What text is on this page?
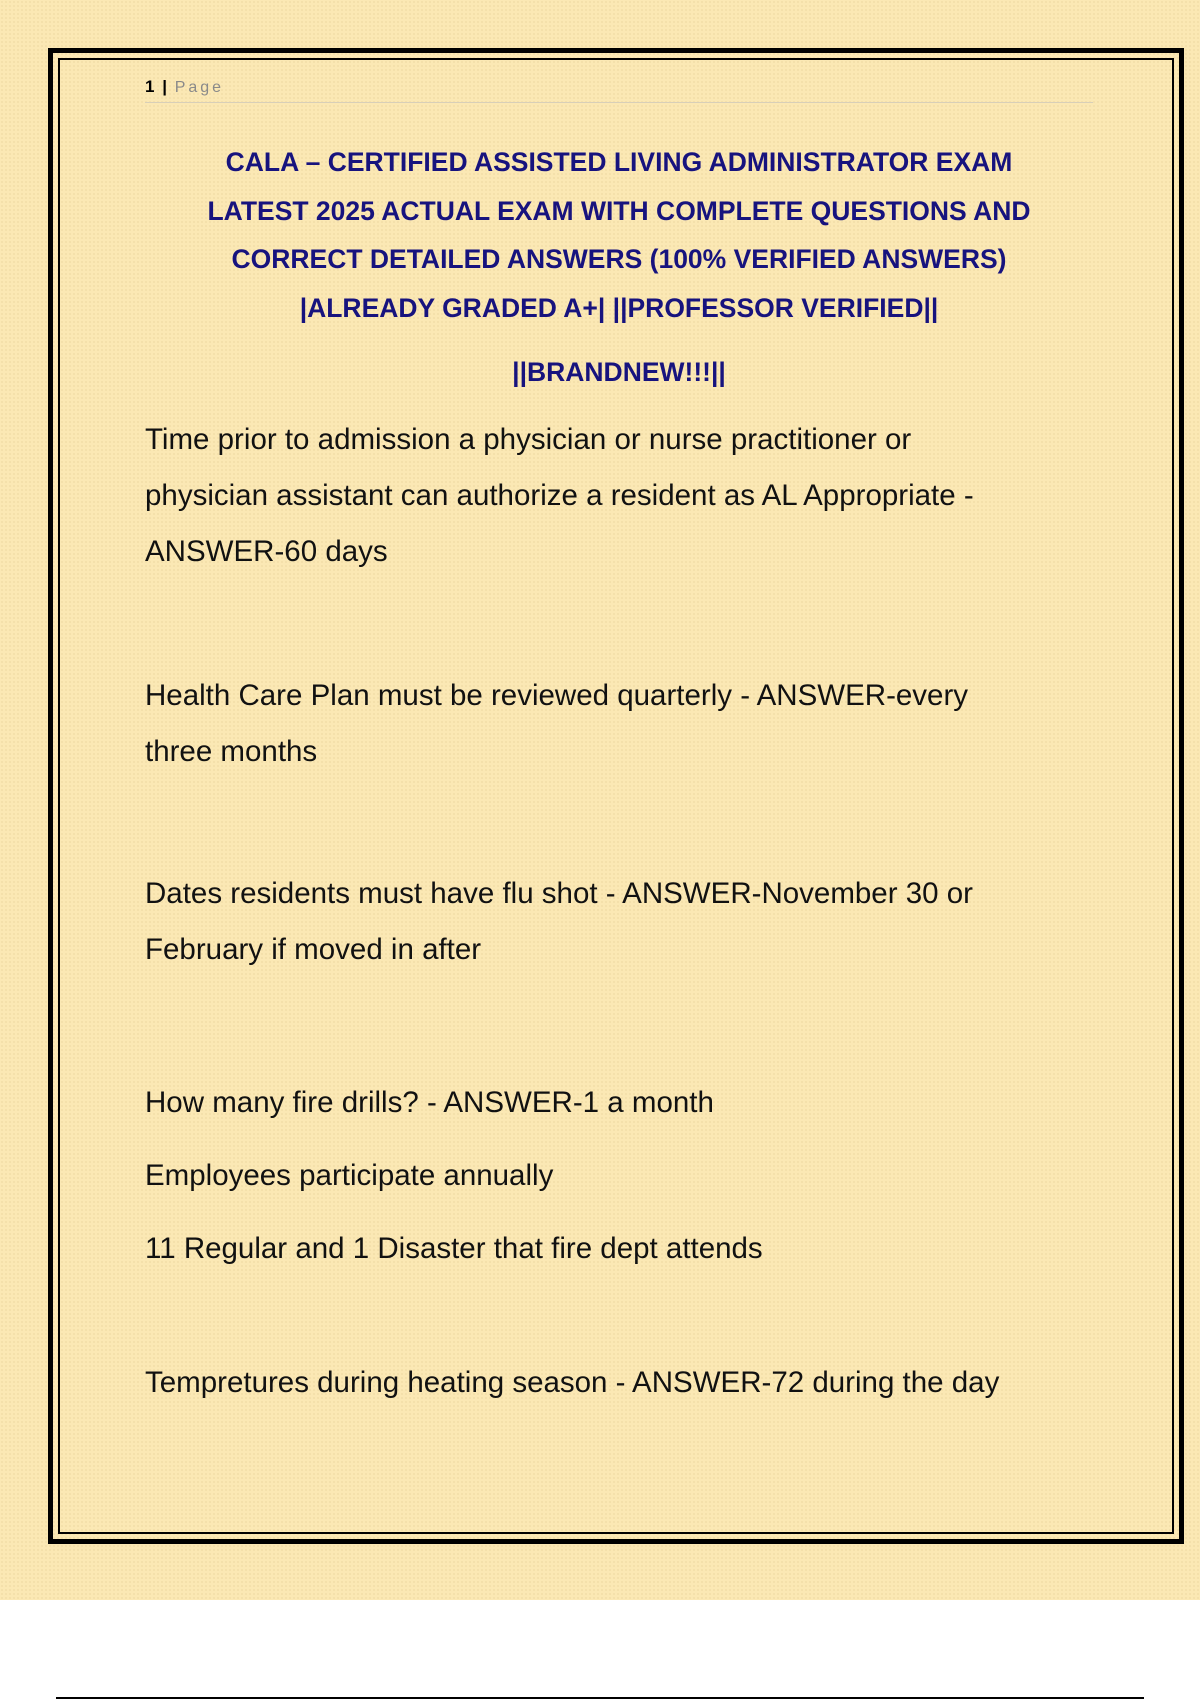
1 | Page
CALA – CERTIFIED ASSISTED LIVING ADMINISTRATOR EXAM
LATEST 2025 ACTUAL EXAM WITH COMPLETE QUESTIONS AND
CORRECT DETAILED ANSWERS (100% VERIFIED ANSWERS)
|ALREADY GRADED A+| ||PROFESSOR VERIFIED||

||BRANDNEW!!!||

Time prior to admission a physician or nurse practitioner or
physician assistant can authorize a resident as AL Appropriate -
ANSWER-60 days

Health Care Plan must be reviewed quarterly - ANSWER-every
three months

Dates residents must have flu shot - ANSWER-November 30 or
February if moved in after

How many fire drills? - ANSWER-1 a month
Employees participate annually
11 Regular and 1 Disaster that fire dept attends

Tempretures during heating season - ANSWER-72 during the day
